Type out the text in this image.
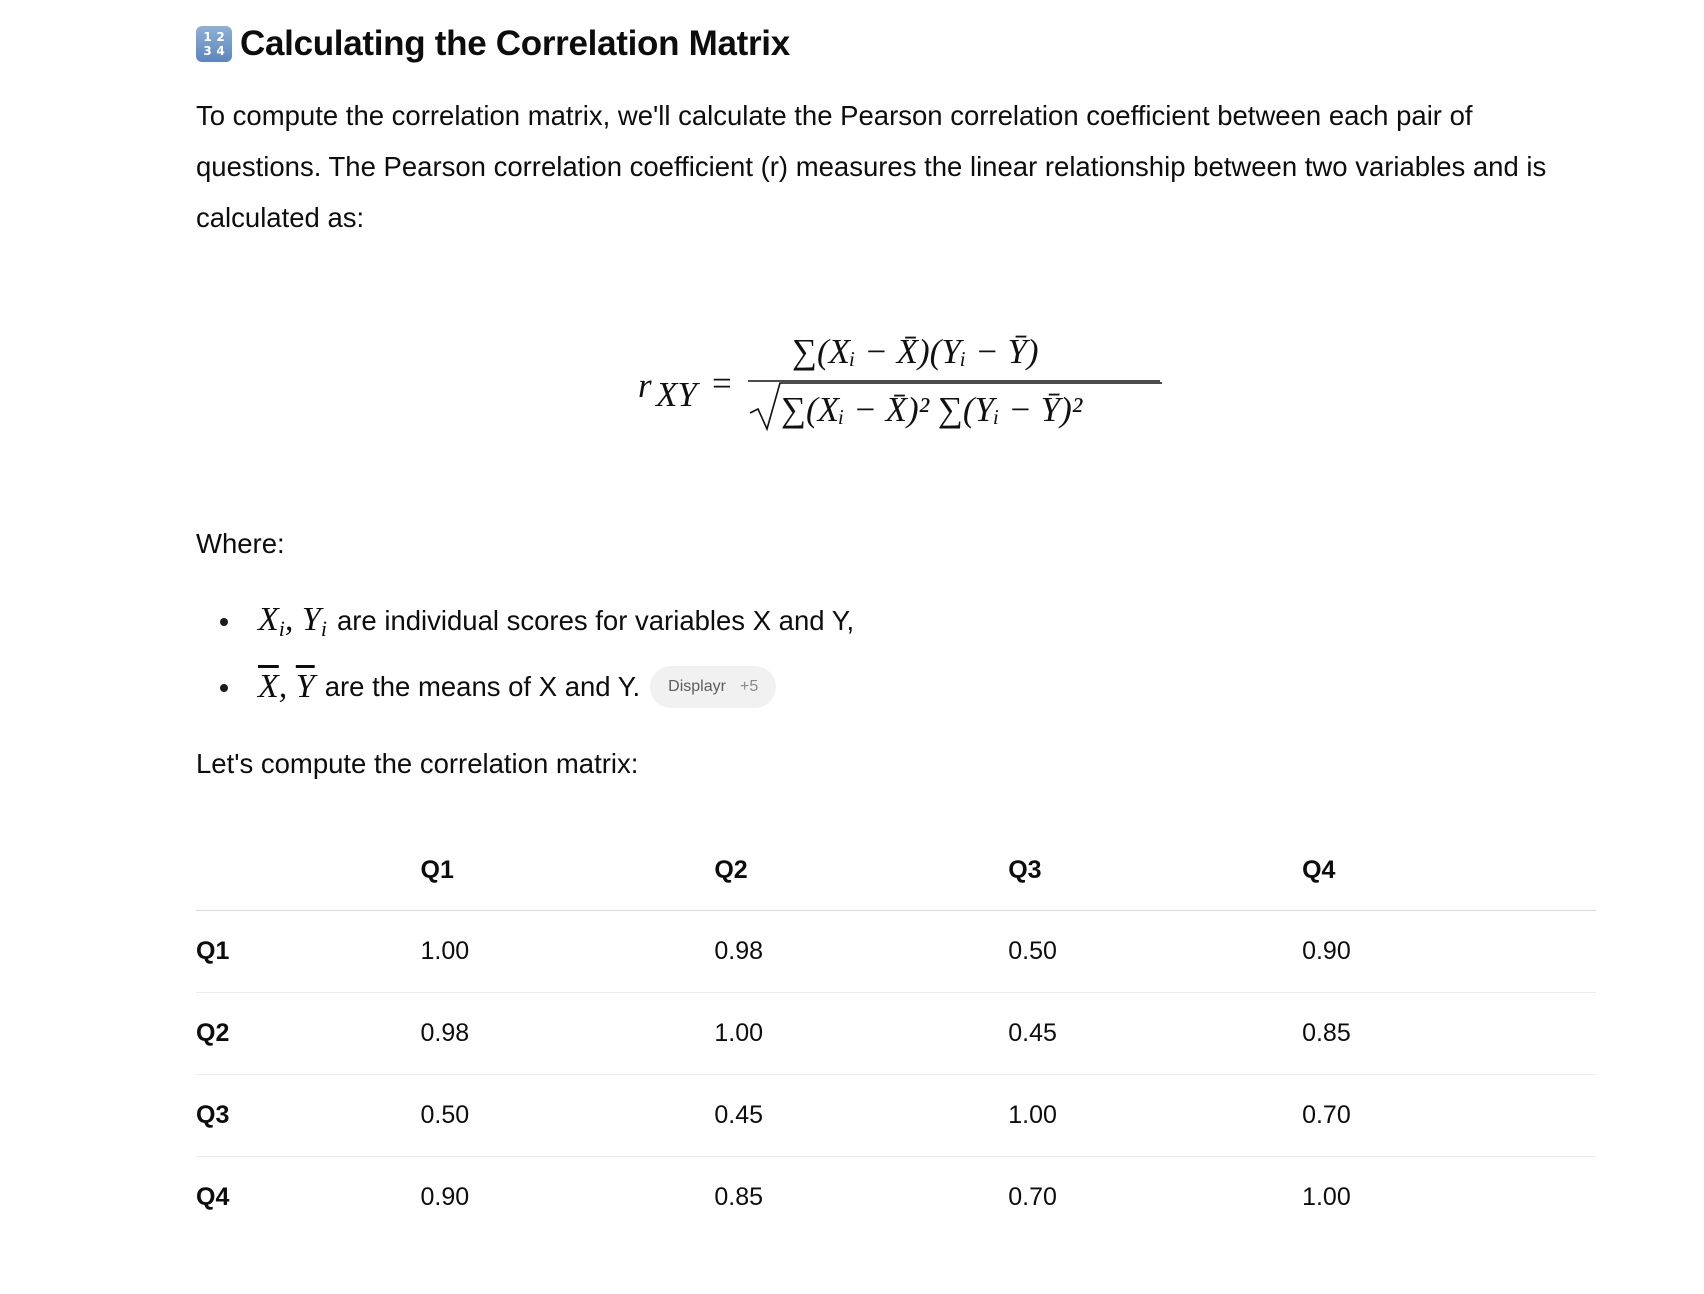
1 2
3 4 Calculating the Correlation Matrix

To compute the correlation matrix, we'll calculate the Pearson correlation coefficient between each pair of questions. The Pearson correlation coefficient (r) measures the linear relationship between two variables and is calculated as:

r XY =
∑(Xᵢ − X̄)(Yᵢ − Ȳ)
∑(Xᵢ − X̄)² ∑(Yᵢ − Ȳ)²

Where:

$X_i$, $Y_i$ are individual scores for variables X and Y,
$\overline{X}$, $\overline{Y}$ are the means of X and Y. Displayr +5

Let's compute the correlation matrix:

	Q1	Q2	Q3	Q4
Q1	1.00	0.98	0.50	0.90
Q2	0.98	1.00	0.45	0.85
Q3	0.50	0.45	1.00	0.70
Q4	0.90	0.85	0.70	1.00
